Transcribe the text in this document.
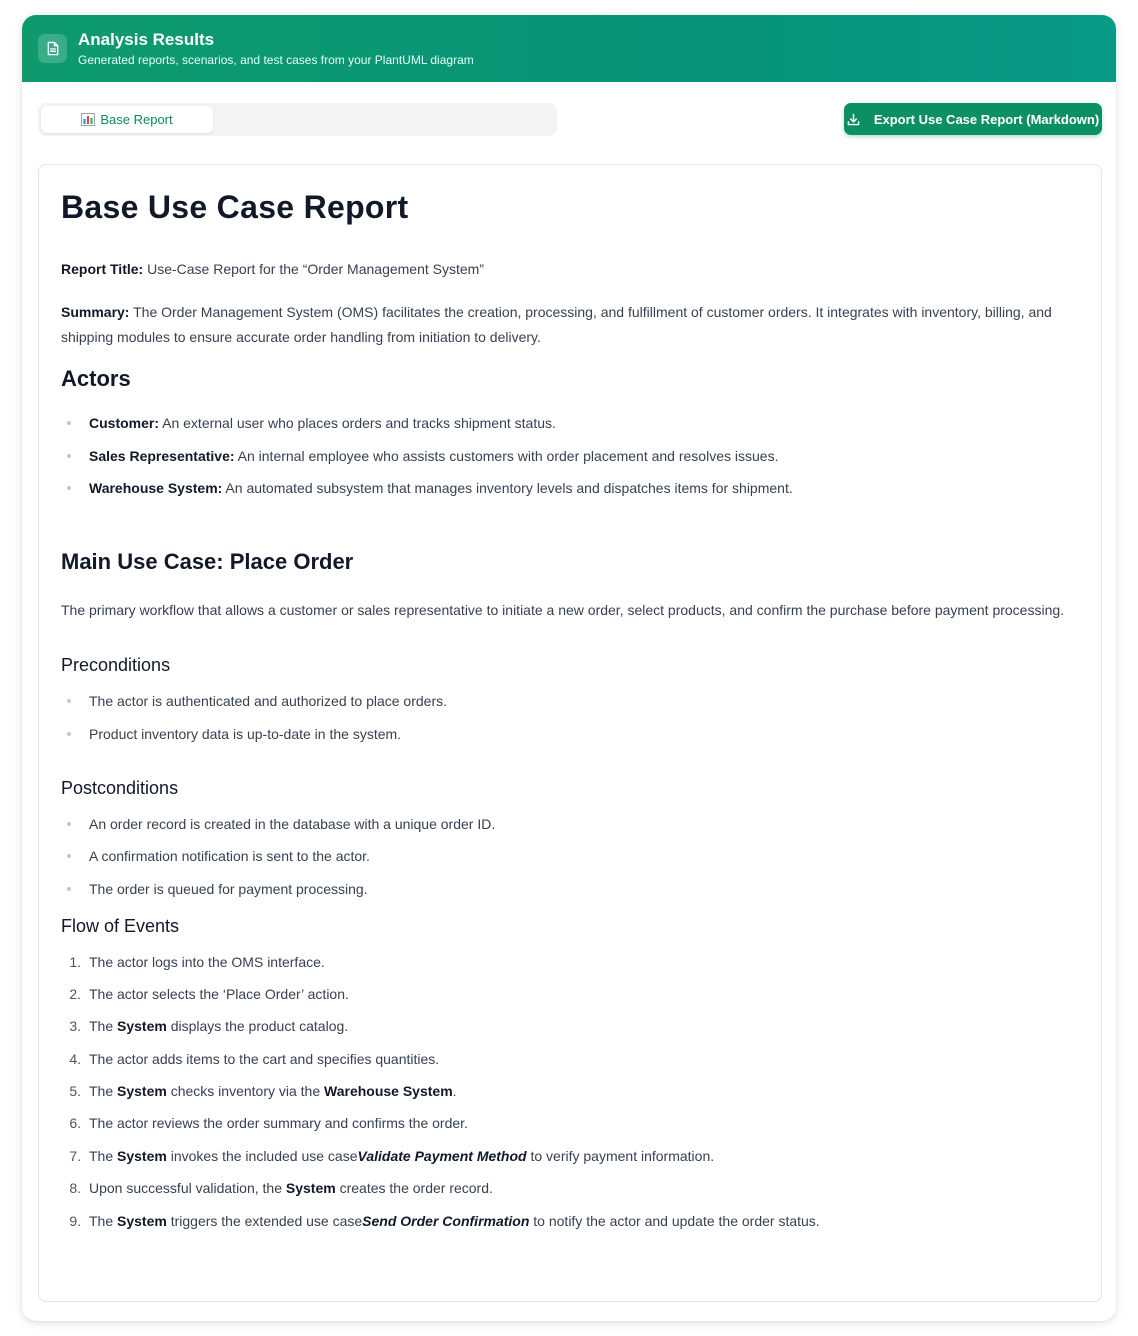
Analysis Results
Generated reports, scenarios, and test cases from your PlantUML diagram
Base Report	Export Use Case Report (Markdown)
Base Use Case Report

Report Title: Use-Case Report for the “Order Management System”

Summary: The Order Management System (OMS) facilitates the creation, processing, and fulfillment of customer orders. It integrates with inventory, billing, and shipping modules to ensure accurate order handling from initiation to delivery.

Actors
Customer: An external user who places orders and tracks shipment status.
Sales Representative: An internal employee who assists customers with order placement and resolves issues.
Warehouse System: An automated subsystem that manages inventory levels and dispatches items for shipment.
Main Use Case: Place Order

The primary workflow that allows a customer or sales representative to initiate a new order, select products, and confirm the purchase before payment processing.

Preconditions
The actor is authenticated and authorized to place orders.
Product inventory data is up-to-date in the system.
Postconditions
An order record is created in the database with a unique order ID.
A confirmation notification is sent to the actor.
The order is queued for payment processing.
Flow of Events
1. The actor logs into the OMS interface.
2. The actor selects the ‘Place Order’ action.
3. The System displays the product catalog.
4. The actor adds items to the cart and specifies quantities.
5. The System checks inventory via the Warehouse System.
6. The actor reviews the order summary and confirms the order.
7. The System invokes the included use caseValidate Payment Method to verify payment information.
8. Upon successful validation, the System creates the order record.
9. The System triggers the extended use caseSend Order Confirmation to notify the actor and update the order status.
